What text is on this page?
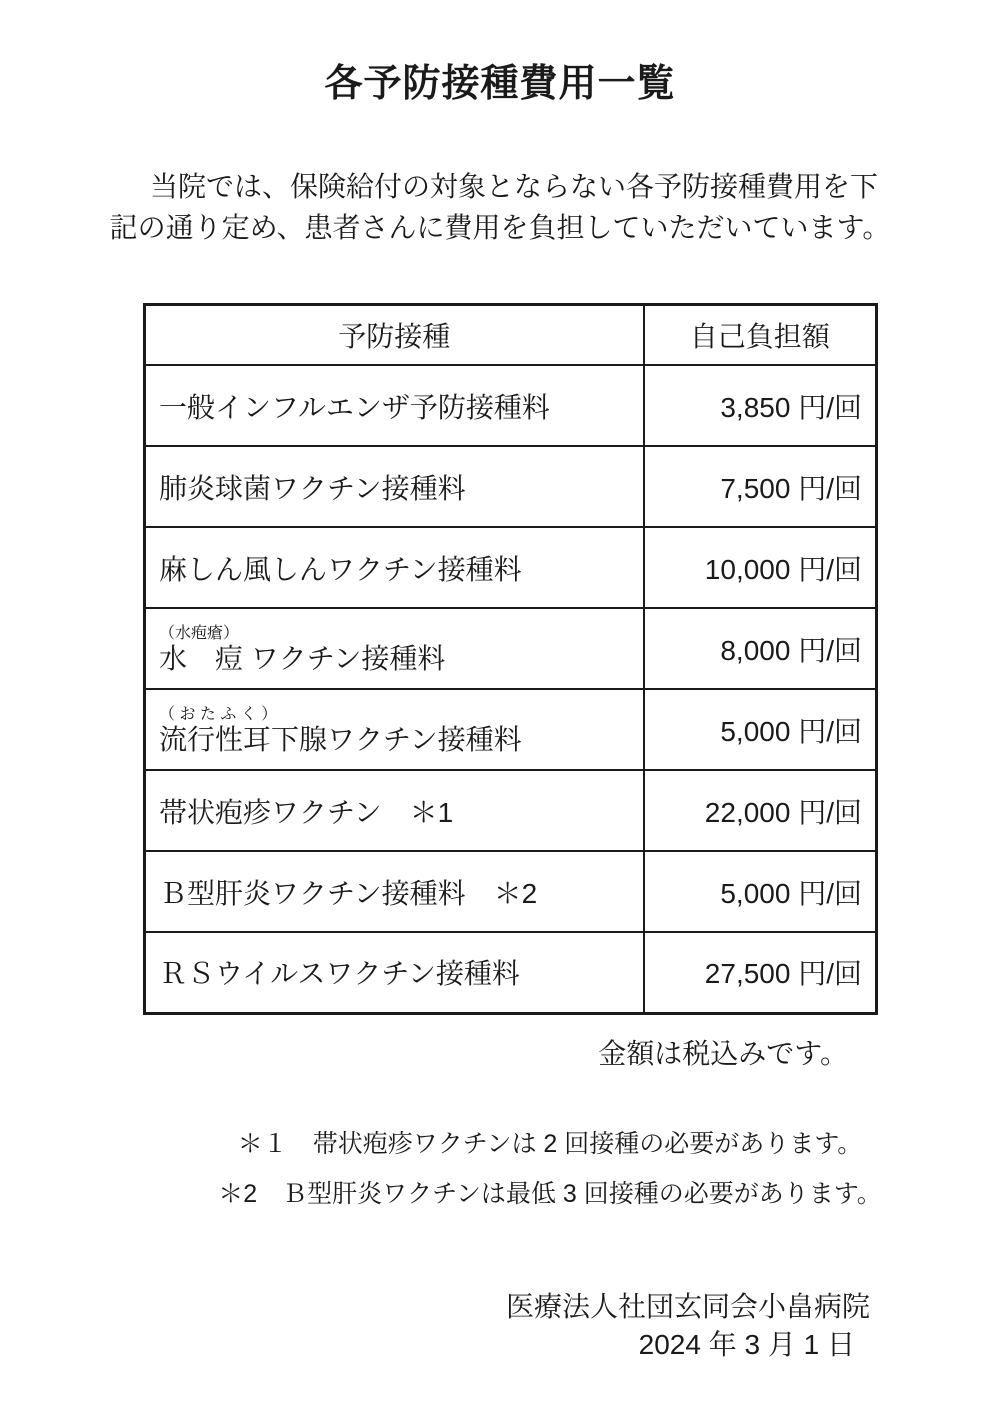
各予防接種費用一覧

　当院では、保険給付の対象とならない各予防接種費用を下
記の通り定め、患者さんに費用を負担していただいています。

予防接種	自己負担額
一般インフルエンザ予防接種料	3,850 円/回
肺炎球菌ワクチン接種料	7,500 円/回
麻しん風しんワクチン接種料	10,000 円/回

（水疱瘡）
水　痘 ワクチン接種料	8,000 円/回

（ お た ふ く ）
流行性耳下腺ワクチン接種料	5,000 円/回
帯状疱疹ワクチン　＊1	22,000 円/回
Ｂ型肝炎ワクチン接種料　＊2	5,000 円/回
ＲＳウイルスワクチン接種料	27,500 円/回
金額は税込みです。
＊１　帯状疱疹ワクチンは 2 回接種の必要があります。
＊2　Ｂ型肝炎ワクチンは最低 3 回接種の必要があります。
医療法人社団玄同会小畠病院
2024 年 3 月 1 日
